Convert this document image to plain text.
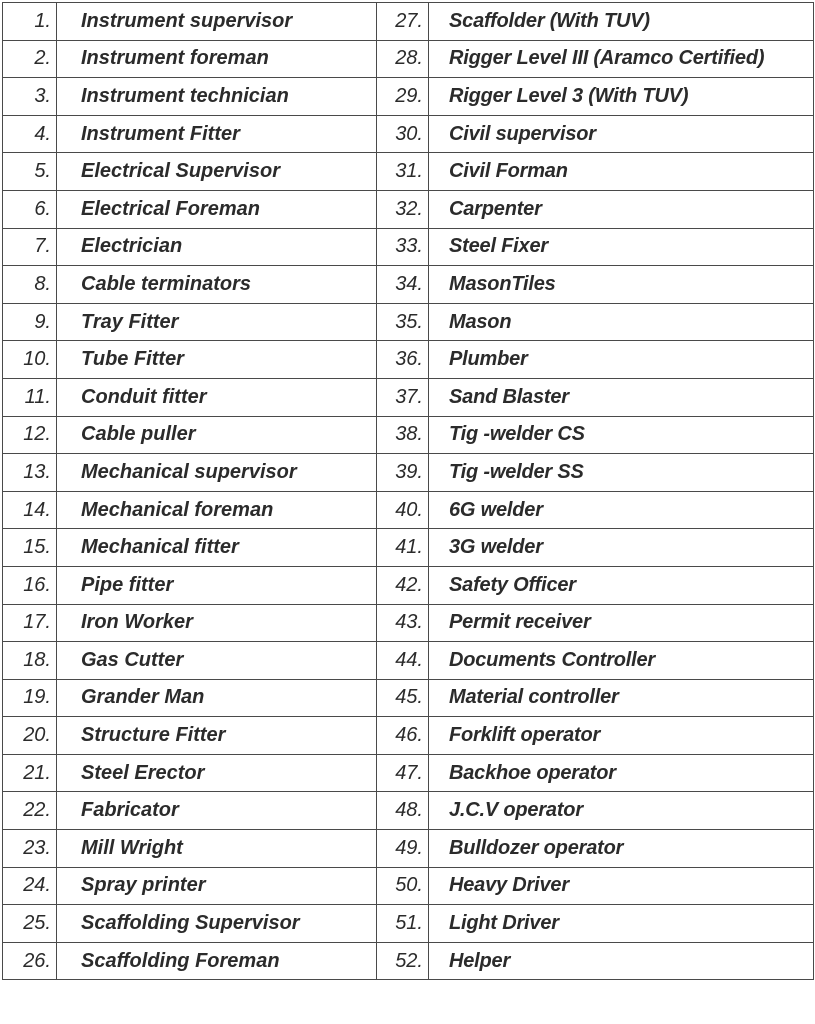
1.	Instrument supervisor	27.	Scaffolder (With TUV)
2.	Instrument foreman	28.	Rigger Level III (Aramco Certified)
3.	Instrument technician	29.	Rigger Level 3 (With TUV)
4.	Instrument Fitter	30.	Civil supervisor
5.	Electrical Supervisor	31.	Civil Forman
6.	Electrical Foreman	32.	Carpenter
7.	Electrician	33.	Steel Fixer
8.	Cable terminators	34.	MasonTiles
9.	Tray Fitter	35.	Mason
10.	Tube Fitter	36.	Plumber
11.	Conduit fitter	37.	Sand Blaster
12.	Cable puller	38.	Tig -welder CS
13.	Mechanical supervisor	39.	Tig -welder SS
14.	Mechanical foreman	40.	6G welder
15.	Mechanical fitter	41.	3G welder
16.	Pipe fitter	42.	Safety Officer
17.	Iron Worker	43.	Permit receiver
18.	Gas Cutter	44.	Documents Controller
19.	Grander Man	45.	Material controller
20.	Structure Fitter	46.	Forklift operator
21.	Steel Erector	47.	Backhoe operator
22.	Fabricator	48.	J.C.V operator
23.	Mill Wright	49.	Bulldozer operator
24.	Spray printer	50.	Heavy Driver
25.	Scaffolding Supervisor	51.	Light Driver
26.	Scaffolding Foreman	52.	Helper
